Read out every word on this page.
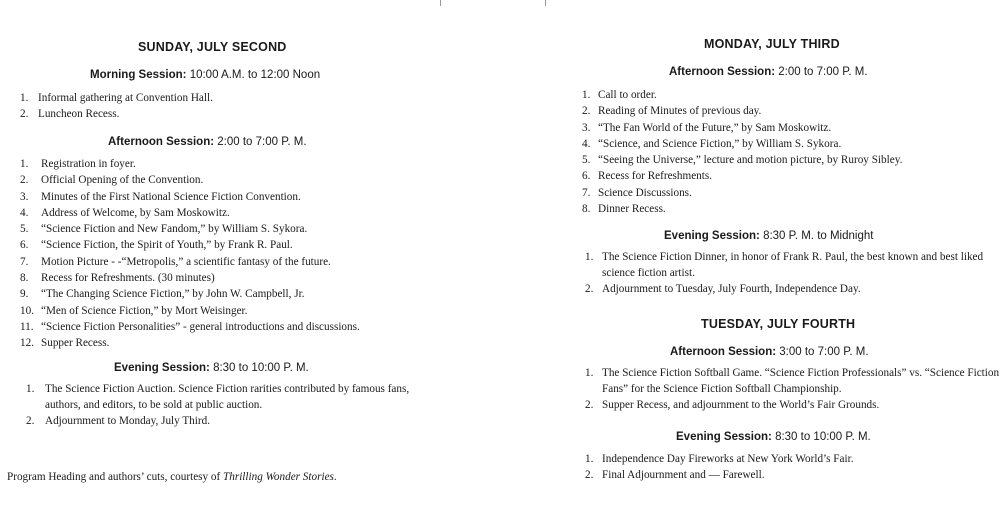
SUNDAY, JULY SECOND
Morning Session: 10:00 A.M. to 12:00 Noon
1. Informal gathering at Convention Hall.
2. Luncheon Recess.
Afternoon Session: 2:00 to 7:00 P. M.
1.	Registration in foyer.
2.	Official Opening of the Convention.
3.	Minutes of the First National Science Fiction Convention.
4.	Address of Welcome, by Sam Moskowitz.
5.	“Science Fiction and New Fandom,” by William S. Sykora.
6.	“Science Fiction, the Spirit of Youth,” by Frank R. Paul.
7.	Motion Picture - -“Metropolis,” a scientific fantasy of the future.
8.	Recess for Refreshments. (30 minutes)
9.	“The Changing Science Fiction,” by John W. Campbell, Jr.
10. “Men of Science Fiction,” by Mort Weisinger.
11. “Science Fiction Personalities” - general introductions and discussions.
12. Supper Recess.
Evening Session: 8:30 to 10:00 P. M.
1. The Science Fiction Auction. Science Fiction rarities contributed by famous fans, authors, and editors, to be sold at public auction.
2. Adjournment to Monday, July Third.
Program Heading and authors’ cuts, courtesy of Thrilling Wonder Stories.
MONDAY, JULY THIRD
Afternoon Session: 2:00 to 7:00 P. M.
1. Call to order.
2. Reading of Minutes of previous day.
3. “The Fan World of the Future,” by Sam Moskowitz.
4. “Science, and Science Fiction,” by William S. Sykora.
5. “Seeing the Universe,” lecture and motion picture, by Ruroy Sibley.
6. Recess for Refreshments.
7. Science Discussions.
8. Dinner Recess.
Evening Session: 8:30 P. M. to Midnight
1. The Science Fiction Dinner, in honor of Frank R. Paul, the best known and best liked science fiction artist.
2. Adjournment to Tuesday, July Fourth, Independence Day.
TUESDAY, JULY FOURTH
Afternoon Session: 3:00 to 7:00 P. M.
1. The Science Fiction Softball Game. “Science Fiction Professionals” vs. “Science Fiction Fans” for the Science Fiction Softball Championship.
2. Supper Recess, and adjournment to the World’s Fair Grounds.
Evening Session: 8:30 to 10:00 P. M.
1. Independence Day Fireworks at New York World’s Fair.
2. Final Adjournment and — Farewell.
